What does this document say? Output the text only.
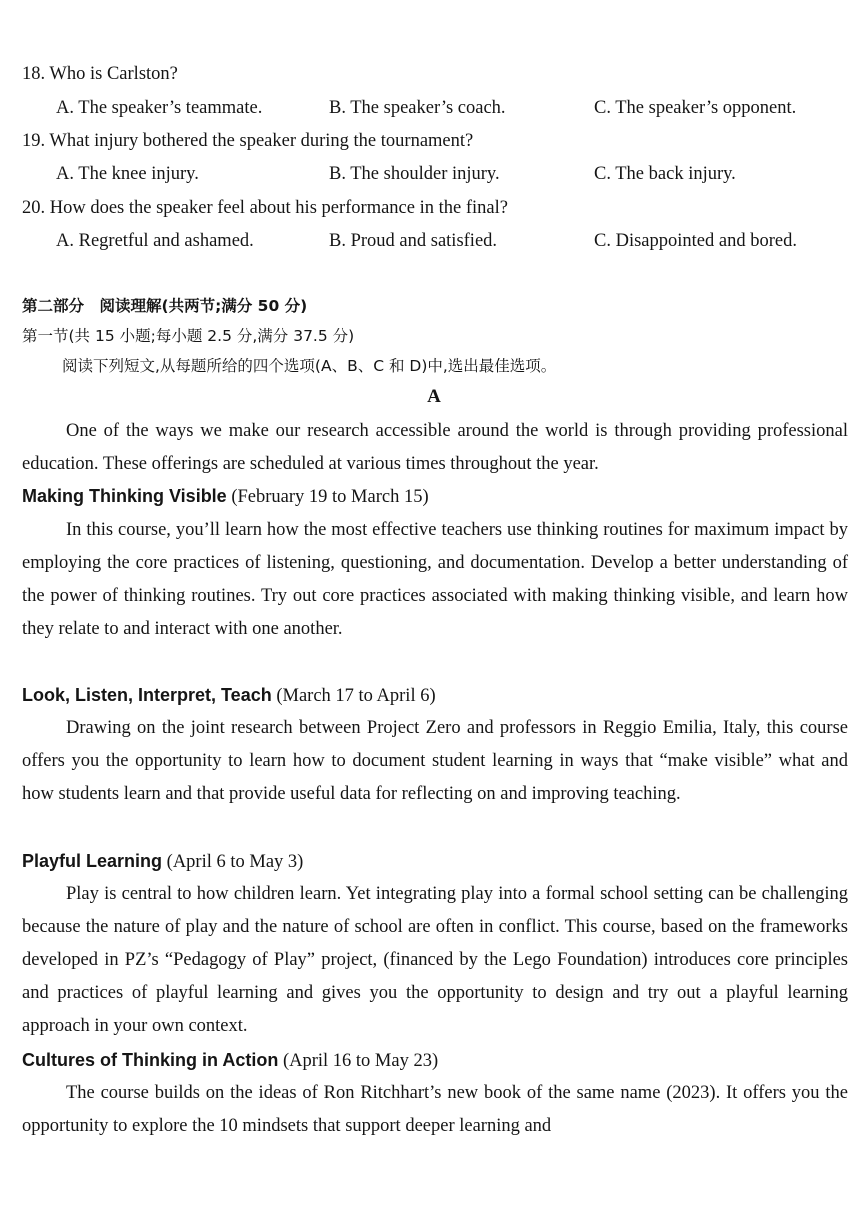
18. Who is Carlston?
A. The speaker’s teammate.	B. The speaker’s coach.	C. The speaker’s opponent.
19. What injury bothered the speaker during the tournament?
A. The knee injury.	B. The shoulder injury.	C. The back injury.
20. How does the speaker feel about his performance in the final?
A. Regretful and ashamed.	B. Proud and satisfied.	C. Disappointed and bored.
第二部分　阅读理解(共两节;满分 50 分)
第一节(共 15 小题;每小题 2.5 分,满分 37.5 分)
阅读下列短文,从每题所给的四个选项(A、B、C 和 D)中,选出最佳选项。
A
One of the ways we make our research accessible around the world is through providing professional education. These offerings are scheduled at various times throughout the year.
Making Thinking Visible (February 19 to March 15)
In this course, you’ll learn how the most effective teachers use thinking routines for maximum impact by employing the core practices of listening, questioning, and documentation. Develop a better understanding of the power of thinking routines. Try out core practices associated with making thinking visible, and learn how they relate to and interact with one another.
Look, Listen, Interpret, Teach (March 17 to April 6)
Drawing on the joint research between Project Zero and professors in Reggio Emilia, Italy, this course offers you the opportunity to learn how to document student learning in ways that “make visible” what and how students learn and that provide useful data for reflecting on and improving teaching.
Playful Learning (April 6 to May 3)
Play is central to how children learn. Yet integrating play into a formal school setting can be challenging because the nature of play and the nature of school are often in conflict. This course, based on the frameworks developed in PZ’s “Pedagogy of Play” project, (financed by the Lego Foundation) introduces core principles and practices of playful learning and gives you the opportunity to design and try out a playful learning approach in your own context.
Cultures of Thinking in Action (April 16 to May 23)
The course builds on the ideas of Ron Ritchhart’s new book of the same name (2023). It offers you the opportunity to explore the 10 mindsets that support deeper learning and
